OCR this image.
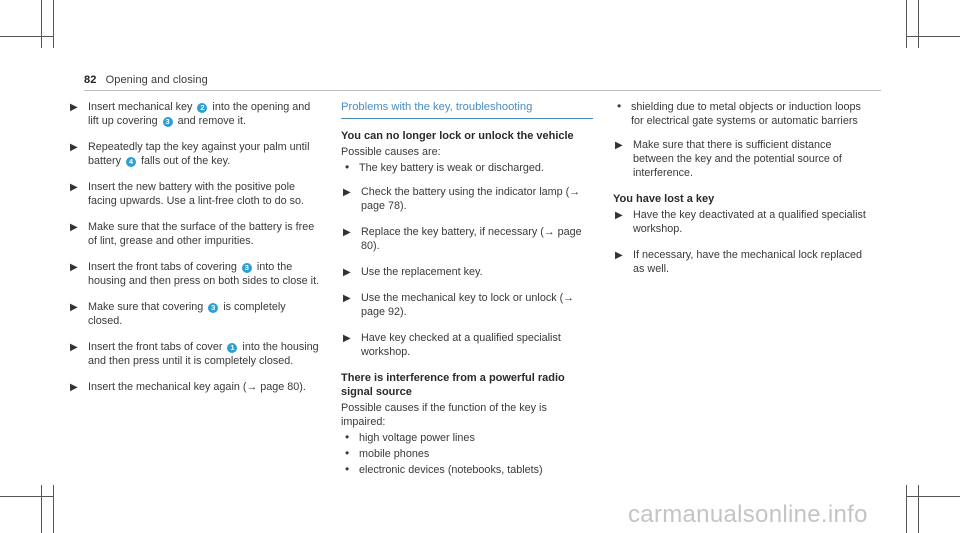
82 Opening and closing
▶ Insert mechanical key 2 into the opening and lift up covering 3 and remove it.
▶ Repeatedly tap the key against your palm until battery 4 falls out of the key.
▶ Insert the new battery with the positive pole facing upwards. Use a lint-free cloth to do so.
▶ Make sure that the surface of the battery is free of lint, grease and other impurities.
▶ Insert the front tabs of covering 3 into the housing and then press on both sides to close it.
▶ Make sure that covering 3 is completely closed.
▶ Insert the front tabs of cover 1 into the housing and then press until it is completely closed.
▶ Insert the mechanical key again (→ page 80).
Problems with the key, troubleshooting
You can no longer lock or unlock the vehicle
Possible causes are:
• The key battery is weak or discharged.
▶ Check the battery using the indicator lamp (→ page 78).
▶ Replace the key battery, if necessary (→ page 80).
▶ Use the replacement key.
▶ Use the mechanical key to lock or unlock (→ page 92).
▶ Have key checked at a qualified specialist workshop.
There is interference from a powerful radio signal source
Possible causes if the function of the key is impaired:
• high voltage power lines
• mobile phones
• electronic devices (notebooks, tablets)
• shielding due to metal objects or induction loops for electrical gate systems or automatic barriers
▶ Make sure that there is sufficient distance between the key and the potential source of interference.
You have lost a key
▶ Have the key deactivated at a qualified specialist workshop.
▶ If necessary, have the mechanical lock replaced as well.
carmanualsonline.info
